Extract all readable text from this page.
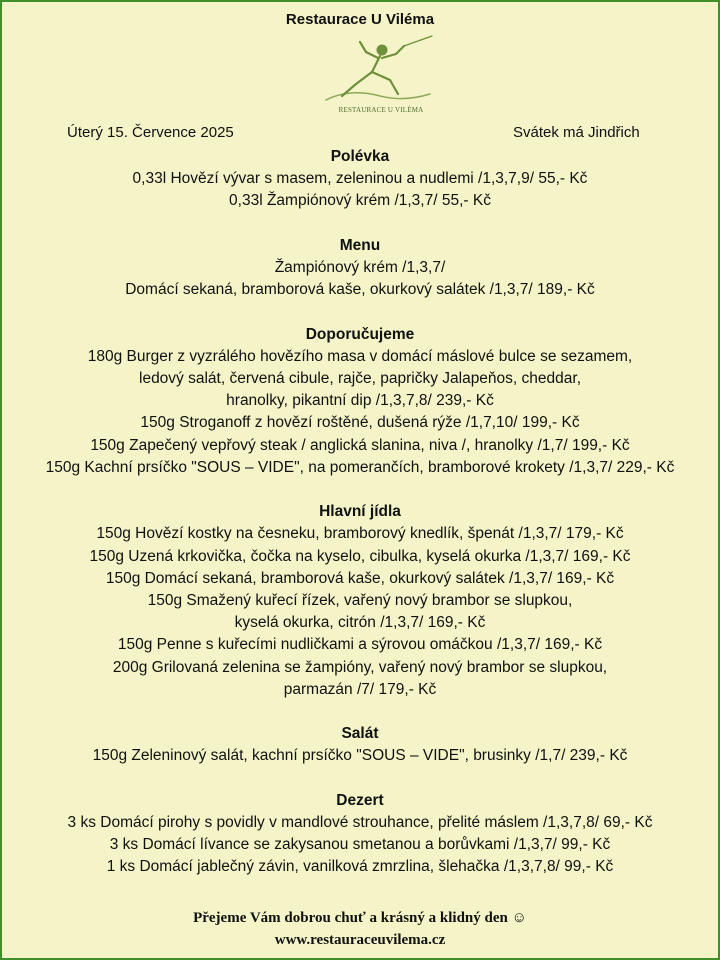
Restaurace U Viléma
RESTAURACE U VILÉMA
Úterý 15. Července 2025	Svátek má Jindřich
Polévka
0,33l Hovězí vývar s masem, zeleninou a nudlemi /1,3,7,9/ 55,- Kč
0,33l Žampiónový krém /1,3,7/ 55,- Kč
Menu
Žampiónový krém /1,3,7/
Domácí sekaná, bramborová kaše, okurkový salátek /1,3,7/ 189,- Kč
Doporučujeme
180g Burger z vyzrálého hovězího masa v domácí máslové bulce se sezamem,
ledový salát, červená cibule, rajče, papričky Jalapeňos, cheddar,
hranolky, pikantní dip /1,3,7,8/ 239,- Kč
150g Stroganoff z hovězí roštěné, dušená rýže /1,7,10/ 199,- Kč
150g Zapečený vepřový steak / anglická slanina, niva /, hranolky /1,7/ 199,- Kč
150g Kachní prsíčko "SOUS – VIDE", na pomerančích, bramborové krokety /1,3,7/ 229,- Kč
Hlavní jídla
150g Hovězí kostky na česneku, bramborový knedlík, špenát /1,3,7/ 179,- Kč
150g Uzená krkovička, čočka na kyselo, cibulka, kyselá okurka /1,3,7/ 169,- Kč
150g Domácí sekaná, bramborová kaše, okurkový salátek /1,3,7/ 169,- Kč
150g Smažený kuřecí řízek, vařený nový brambor se slupkou,
kyselá okurka, citrón /1,3,7/ 169,- Kč
150g Penne s kuřecími nudličkami a sýrovou omáčkou /1,3,7/ 169,- Kč
200g Grilovaná zelenina se žampióny, vařený nový brambor se slupkou,
parmazán /7/ 179,- Kč
Salát
150g Zeleninový salát, kachní prsíčko "SOUS – VIDE", brusinky /1,7/ 239,- Kč
Dezert
3 ks Domácí pirohy s povidly v mandlové strouhance, přelité máslem /1,3,7,8/ 69,- Kč
3 ks Domácí lívance se zakysanou smetanou a borůvkami /1,3,7/ 99,- Kč
1 ks Domácí jablečný závin, vanilková zmrzlina, šlehačka /1,3,7,8/ 99,- Kč
Přejeme Vám dobrou chuť a krásný a klidný den ☺
www.restauraceuvilema.cz
